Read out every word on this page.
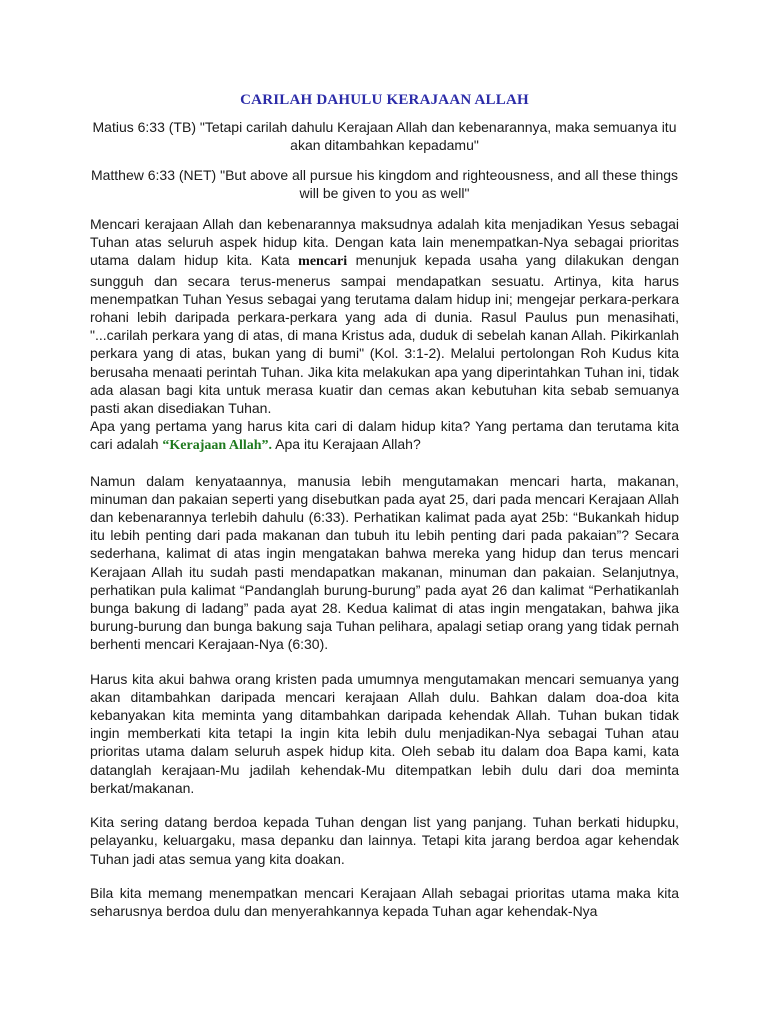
CARILAH DAHULU KERAJAAN ALLAH

Matius 6:33 (TB) "Tetapi carilah dahulu Kerajaan Allah dan kebenarannya, maka semuanya itu akan ditambahkan kepadamu"

Matthew 6:33 (NET) "But above all pursue his kingdom and righteousness, and all these things will be given to you as well"

Mencari kerajaan Allah dan kebenarannya maksudnya adalah kita menjadikan Yesus sebagai Tuhan atas seluruh aspek hidup kita. Dengan kata lain menempatkan-Nya sebagai prioritas utama dalam hidup kita. Kata mencari menunjuk kepada usaha yang dilakukan dengan sungguh dan secara terus-menerus sampai mendapatkan sesuatu. Artinya, kita harus menempatkan Tuhan Yesus sebagai yang terutama dalam hidup ini; mengejar perkara-perkara rohani lebih daripada perkara-perkara yang ada di dunia. Rasul Paulus pun menasihati, "...carilah perkara yang di atas, di mana Kristus ada, duduk di sebelah kanan Allah. Pikirkanlah perkara yang di atas, bukan yang di bumi" (Kol. 3:1-2). Melalui pertolongan Roh Kudus kita berusaha menaati perintah Tuhan. Jika kita melakukan apa yang diperintahkan Tuhan ini, tidak ada alasan bagi kita untuk merasa kuatir dan cemas akan kebutuhan kita sebab semuanya pasti akan disediakan Tuhan.

Apa yang pertama yang harus kita cari di dalam hidup kita? Yang pertama dan terutama kita cari adalah “Kerajaan Allah”. Apa itu Kerajaan Allah?

Namun dalam kenyataannya, manusia lebih mengutamakan mencari harta, makanan, minuman dan pakaian seperti yang disebutkan pada ayat 25, dari pada mencari Kerajaan Allah dan kebenarannya terlebih dahulu (6:33). Perhatikan kalimat pada ayat 25b: “Bukankah hidup itu lebih penting dari pada makanan dan tubuh itu lebih penting dari pada pakaian”? Secara sederhana, kalimat di atas ingin mengatakan bahwa mereka yang hidup dan terus mencari Kerajaan Allah itu sudah pasti mendapatkan makanan, minuman dan pakaian. Selanjutnya, perhatikan pula kalimat “Pandanglah burung-burung” pada ayat 26 dan kalimat “Perhatikanlah bunga bakung di ladang” pada ayat 28. Kedua kalimat di atas ingin mengatakan, bahwa jika burung-burung dan bunga bakung saja Tuhan pelihara, apalagi setiap orang yang tidak pernah berhenti mencari Kerajaan-Nya (6:30).

Harus kita akui bahwa orang kristen pada umumnya mengutamakan mencari semuanya yang akan ditambahkan daripada mencari kerajaan Allah dulu. Bahkan dalam doa-doa kita kebanyakan kita meminta yang ditambahkan daripada kehendak Allah. Tuhan bukan tidak ingin memberkati kita tetapi Ia ingin kita lebih dulu menjadikan-Nya sebagai Tuhan atau prioritas utama dalam seluruh aspek hidup kita. Oleh sebab itu dalam doa Bapa kami, kata datanglah kerajaan-Mu jadilah kehendak-Mu ditempatkan lebih dulu dari doa meminta berkat/makanan.

Kita sering datang berdoa kepada Tuhan dengan list yang panjang. Tuhan berkati hidupku, pelayanku, keluargaku, masa depanku dan lainnya. Tetapi kita jarang berdoa agar kehendak Tuhan jadi atas semua yang kita doakan.

Bila kita memang menempatkan mencari Kerajaan Allah sebagai prioritas utama maka kita seharusnya berdoa dulu dan menyerahkannya kepada Tuhan agar kehendak-Nya
